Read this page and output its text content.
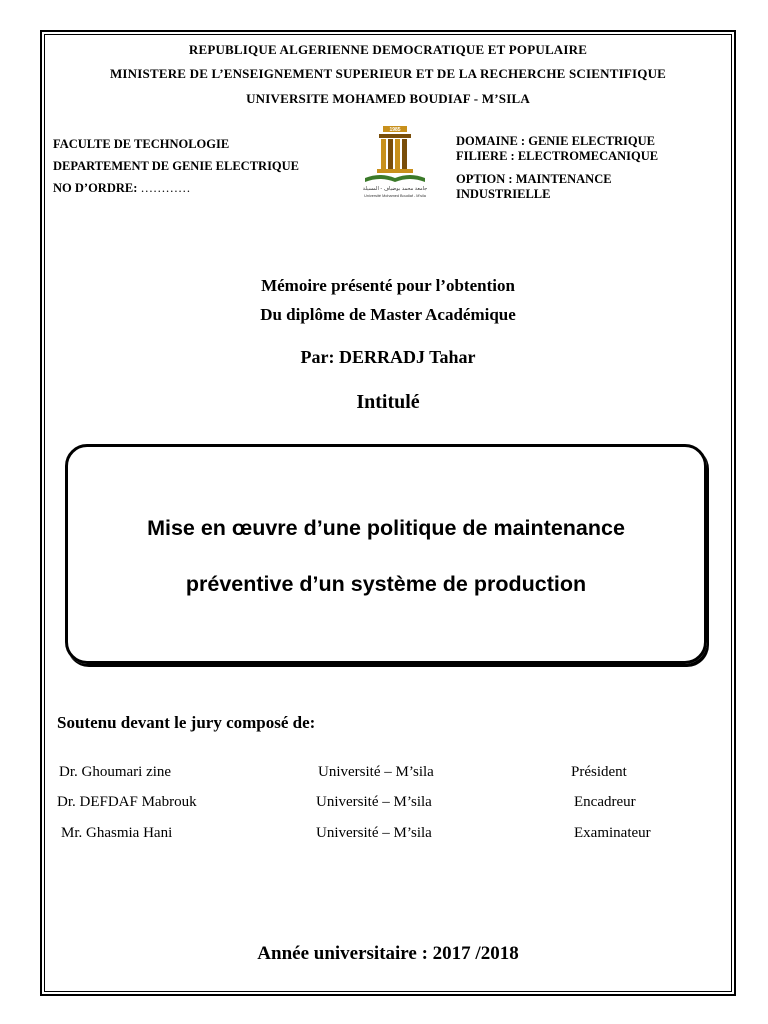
REPUBLIQUE ALGERIENNE DEMOCRATIQUE ET POPULAIRE
MINISTERE DE L’ENSEIGNEMENT SUPERIEUR ET DE LA RECHERCHE SCIENTIFIQUE
UNIVERSITE MOHAMED BOUDIAF - M’SILA
FACULTE DE TECHNOLOGIE
DEPARTEMENT DE GENIE ELECTRIQUE
NO D’ORDRE: …………
1985
جامعة محمد بوضياف - المسيلة
Université Mohamed Boudiaf - M'sila
DOMAINE : GENIE ELECTRIQUE
FILIERE : ELECTROMECANIQUE
OPTION : MAINTENANCE
INDUSTRIELLE
Mémoire présenté pour l’obtention
Du diplôme de Master Académique
Par: DERRADJ Tahar
Intitulé
Mise en œuvre d’une politique de maintenance
préventive d’un système de production
Soutenu devant le jury composé de:
Dr. Ghoumari zine	Université – M’sila	Président
Dr. DEFDAF Mabrouk	Université – M’sila	Encadreur
Mr. Ghasmia Hani	Université – M’sila	Examinateur
Année universitaire : 2017 /2018
